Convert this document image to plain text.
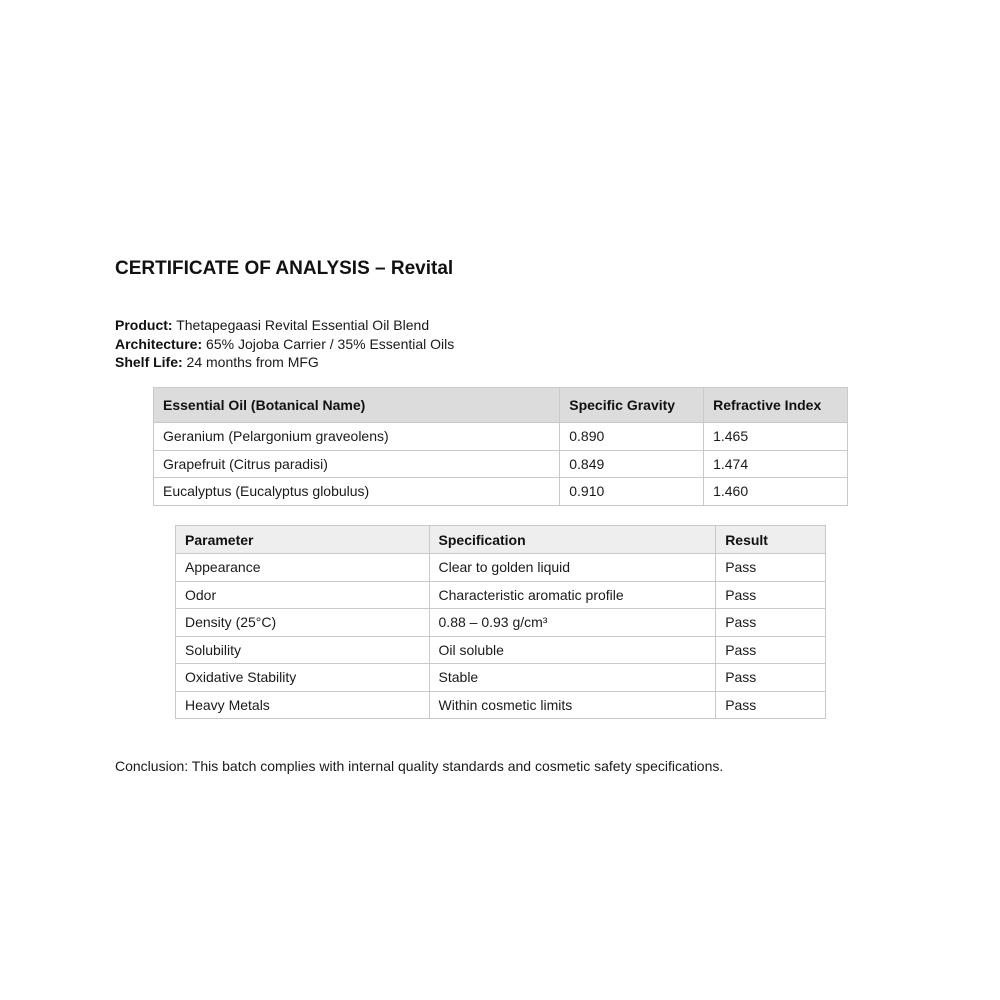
CERTIFICATE OF ANALYSIS – Revital
Product: Thetapegaasi Revital Essential Oil Blend
Architecture: 65% Jojoba Carrier / 35% Essential Oils
Shelf Life: 24 months from MFG
Essential Oil (Botanical Name)	Specific Gravity	Refractive Index
Geranium (Pelargonium graveolens)	0.890	1.465
Grapefruit (Citrus paradisi)	0.849	1.474
Eucalyptus (Eucalyptus globulus)	0.910	1.460
Parameter	Specification	Result
Appearance	Clear to golden liquid	Pass
Odor	Characteristic aromatic profile	Pass
Density (25°C)	0.88 – 0.93 g/cm³	Pass
Solubility	Oil soluble	Pass
Oxidative Stability	Stable	Pass
Heavy Metals	Within cosmetic limits	Pass

Conclusion: This batch complies with internal quality standards and cosmetic safety specifications.
